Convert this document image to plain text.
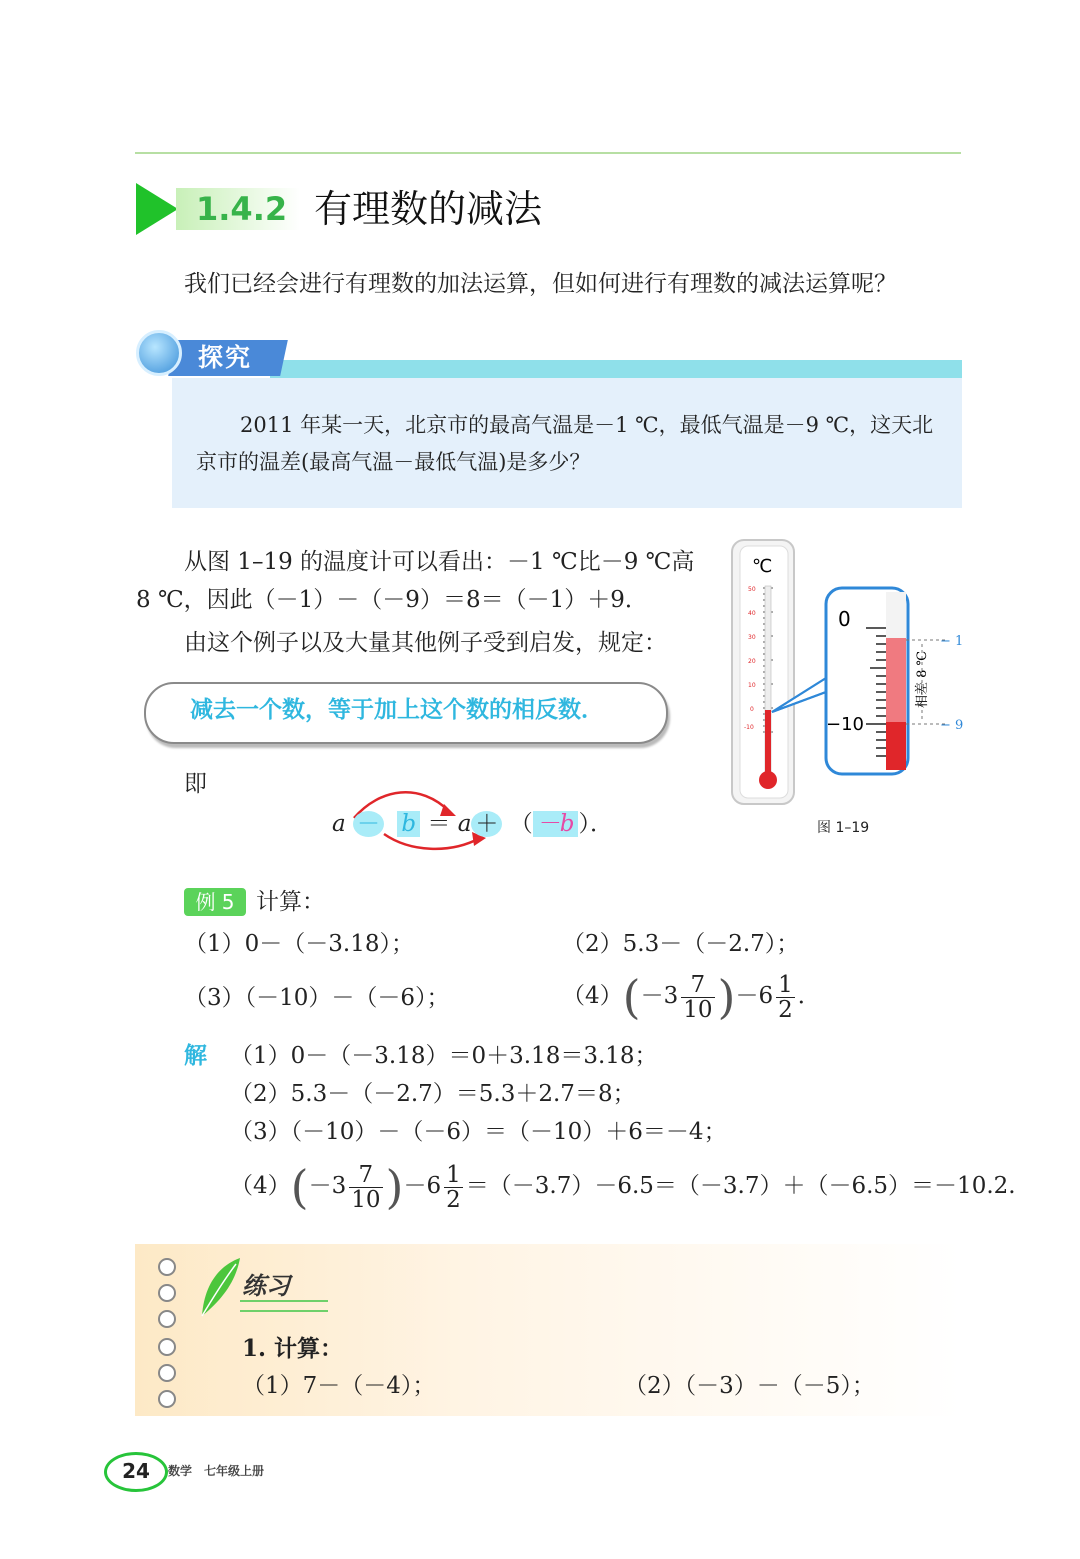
1.4.2 有理数的减法
我们已经会进行有理数的加法运算，但如何进行有理数的减法运算呢？
探究
2011 年某一天，北京市的最高气温是－1 ℃，最低气温是－9 ℃，这天北
京市的温差(最高气温－最低气温)是多少？
从图 1–19 的温度计可以看出：－1 ℃比－9 ℃高
8 ℃，因此（－1）－（－9）＝8＝（－1）＋9．
由这个例子以及大量其他例子受到启发，规定：
减去一个数，等于加上这个数的相反数．
即
a － b ＝ a ＋ （ －b ）．
℃
50
40
30
20
10
0
-10
0
−10
− 1
− 9
相差 8 ℃
图 1–19
例 5 计算：
（1）0－（－3.18）；	（2）5.3－（－2.7）；
（3）（－10）－（－6）；	$(4)(-3 \frac{7}{10} )-6 \frac{1}{2}$ ．
解 （1）0－（－3.18）＝0＋3.18＝3.18；
（2）5.3－（－2.7）＝5.3＋2.7＝8；
（3）（－10）－（－6）＝（－10）＋6＝－4；
$(4)(-3 \frac{7}{10} )-6 \frac{1}{2} =(-3.7)-6.5=(-3.7)+(-6.5)=-10.2$.
练习
1. 计算：
（1）7－（－4）；	（2）（－3）－（－5）；
24	数学　七年级上册
